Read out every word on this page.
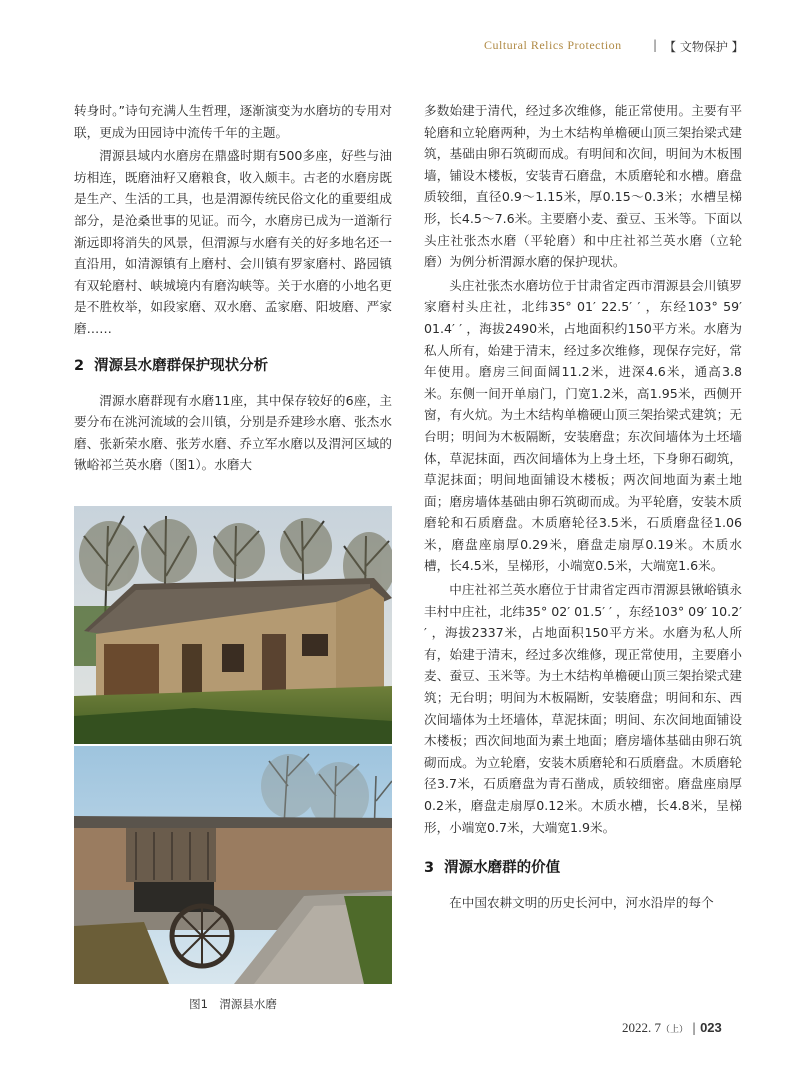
Cultural Relics Protection	| 【 文物保护 】

转身时。”诗句充满人生哲理，逐渐演变为水磨坊的专用对联，更成为田园诗中流传千年的主题。

渭源县域内水磨房在鼎盛时期有500多座，好些与油坊相连，既磨油籽又磨粮食，收入颇丰。古老的水磨房既是生产、生活的工具，也是渭源传统民俗文化的重要组成部分，是沧桑世事的见证。而今，水磨房已成为一道渐行渐远即将消失的风景，但渭源与水磨有关的好多地名还一直沿用，如清源镇有上磨村、会川镇有罗家磨村、路园镇有双轮磨村、峡城境内有磨沟峡等。关于水磨的小地名更是不胜枚举，如段家磨、双水磨、孟家磨、阳坡磨、严家磨……

2 渭源县水磨群保护现状分析

渭源水磨群现有水磨11座，其中保存较好的6座，主要分布在洮河流域的会川镇，分别是乔建珍水磨、张杰水磨、张新荣水磨、张芳水磨、乔立军水磨以及渭河区域的锹峪祁兰英水磨（图1）。水磨大

图1　渭源县水磨

多数始建于清代，经过多次维修，能正常使用。主要有平轮磨和立轮磨两种，为土木结构单檐硬山顶三架抬梁式建筑，基础由卵石筑砌而成。有明间和次间，明间为木板围墙，铺设木楼板，安装青石磨盘，木质磨轮和水槽。磨盘质较细，直径0.9～1.15米，厚0.15～0.3米；水槽呈梯形，长4.5～7.6米。主要磨小麦、蚕豆、玉米等。下面以头庄社张杰水磨（平轮磨）和中庄社祁兰英水磨（立轮磨）为例分析渭源水磨的保护现状。

头庄社张杰水磨坊位于甘肃省定西市渭源县会川镇罗家磨村头庄社，北纬35° 01′ 22.5′ ′ ，东经103° 59′ 01.4′ ′ ，海拔2490米，占地面积约150平方米。水磨为私人所有，始建于清末，经过多次维修，现保存完好，常年使用。磨房三间面阔11.2米，进深4.6米，通高3.8米。东侧一间开单扇门，门宽1.2米，高1.95米，西侧开窗，有火炕。为土木结构单檐硬山顶三架抬梁式建筑；无台明；明间为木板隔断，安装磨盘；东次间墙体为土坯墙体，草泥抹面，西次间墙体为上身土坯，下身卵石砌筑，草泥抹面；明间地面铺设木楼板；两次间地面为素土地面；磨房墙体基础由卵石筑砌而成。为平轮磨，安装木质磨轮和石质磨盘。木质磨轮径3.5米，石质磨盘径1.06米，磨盘座扇厚0.29米，磨盘走扇厚0.19米。木质水槽，长4.5米，呈梯形，小端宽0.5米，大端宽1.6米。

中庄社祁兰英水磨位于甘肃省定西市渭源县锹峪镇永丰村中庄社，北纬35° 02′ 01.5′ ′ ，东经103° 09′ 10.2′ ′ ，海拔2337米，占地面积150平方米。水磨为私人所有，始建于清末，经过多次维修，现正常使用，主要磨小麦、蚕豆、玉米等。为土木结构单檐硬山顶三架抬梁式建筑；无台明；明间为木板隔断，安装磨盘；明间和东、西次间墙体为土坯墙体，草泥抹面；明间、东次间地面铺设木楼板；西次间地面为素土地面；磨房墙体基础由卵石筑砌而成。为立轮磨，安装木质磨轮和石质磨盘。木质磨轮径3.7米，石质磨盘为青石凿成，质较细密。磨盘座扇厚0.2米，磨盘走扇厚0.12米。木质水槽，长4.8米，呈梯形，小端宽0.7米，大端宽1.9米。

3 渭源水磨群的价值

在中国农耕文明的历史长河中，河水沿岸的每个

2022. 7（上） | 023
